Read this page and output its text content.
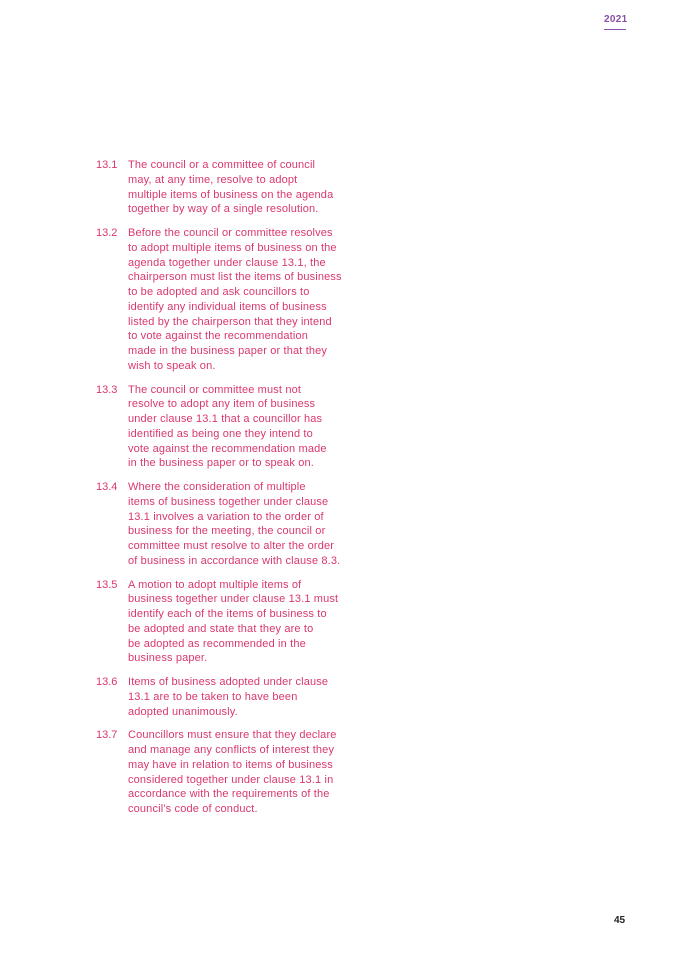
2021
13.1 The council or a committee of council
may, at any time, resolve to adopt
multiple items of business on the agenda
together by way of a single resolution.
13.2 Before the council or committee resolves
to adopt multiple items of business on the
agenda together under clause 13.1, the
chairperson must list the items of business
to be adopted and ask councillors to
identify any individual items of business
listed by the chairperson that they intend
to vote against the recommendation
made in the business paper or that they
wish to speak on.
13.3 The council or committee must not
resolve to adopt any item of business
under clause 13.1 that a councillor has
identified as being one they intend to
vote against the recommendation made
in the business paper or to speak on.
13.4 Where the consideration of multiple
items of business together under clause
13.1 involves a variation to the order of
business for the meeting, the council or
committee must resolve to alter the order
of business in accordance with clause 8.3.
13.5 A motion to adopt multiple items of
business together under clause 13.1 must
identify each of the items of business to
be adopted and state that they are to
be adopted as recommended in the
business paper.
13.6 Items of business adopted under clause
13.1 are to be taken to have been
adopted unanimously.
13.7 Councillors must ensure that they declare
and manage any conflicts of interest they
may have in relation to items of business
considered together under clause 13.1 in
accordance with the requirements of the
council’s code of conduct.
45
